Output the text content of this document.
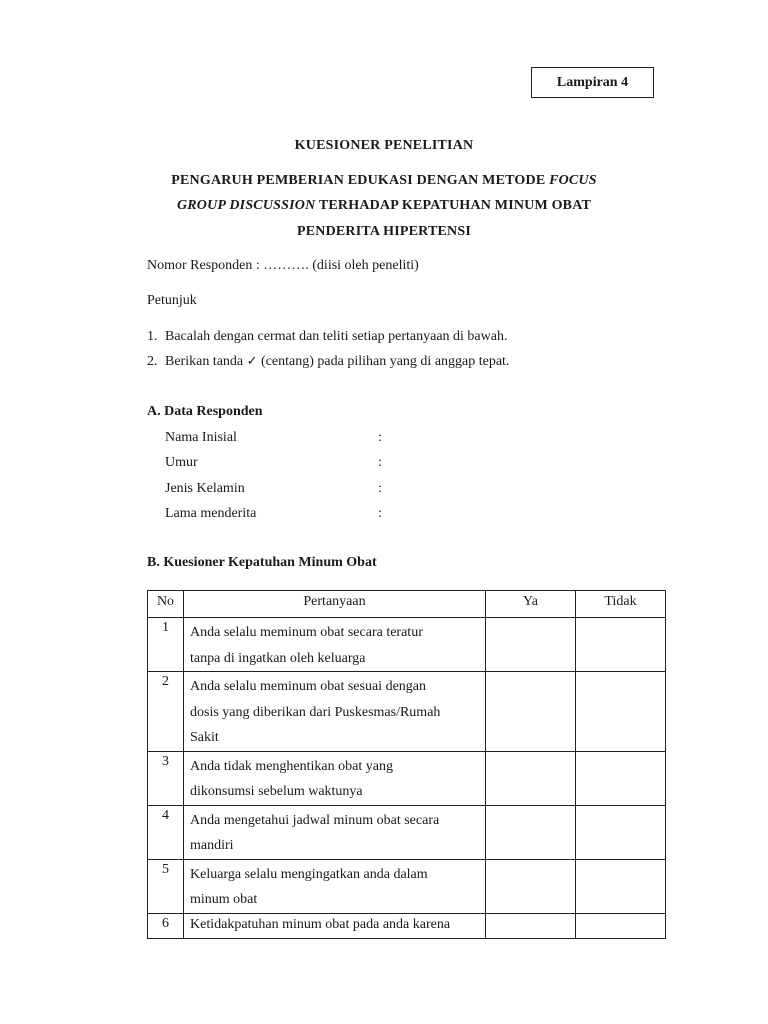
Lampiran 4
KUESIONER PENELITIAN
PENGARUH PEMBERIAN EDUKASI DENGAN METODE FOCUS
GROUP DISCUSSION TERHADAP KEPATUHAN MINUM OBAT
PENDERITA HIPERTENSI
Nomor Responden : ………. (diisi oleh peneliti)
Petunjuk
1. Bacalah dengan cermat dan teliti setiap pertanyaan di bawah.
2. Berikan tanda ✓ (centang) pada pilihan yang di anggap tepat.
A. Data Responden
Nama Inisial	:
Umur	:
Jenis Kelamin	:
Lama menderita	:
B. Kuesioner Kepatuhan Minum Obat
No	Pertanyaan	Ya	Tidak
1	Anda selalu meminum obat secara teratur
tanpa di ingatkan oleh keluarga		

2	Anda selalu meminum obat sesuai dengan
dosis yang diberikan dari Puskesmas/Rumah
Sakit		

3	Anda tidak menghentikan obat yang
dikonsumsi sebelum waktunya		

4	Anda mengetahui jadwal minum obat secara
mandiri		

5	Keluarga selalu mengingatkan anda dalam
minum obat		

6	Ketidakpatuhan minum obat pada anda karena		
